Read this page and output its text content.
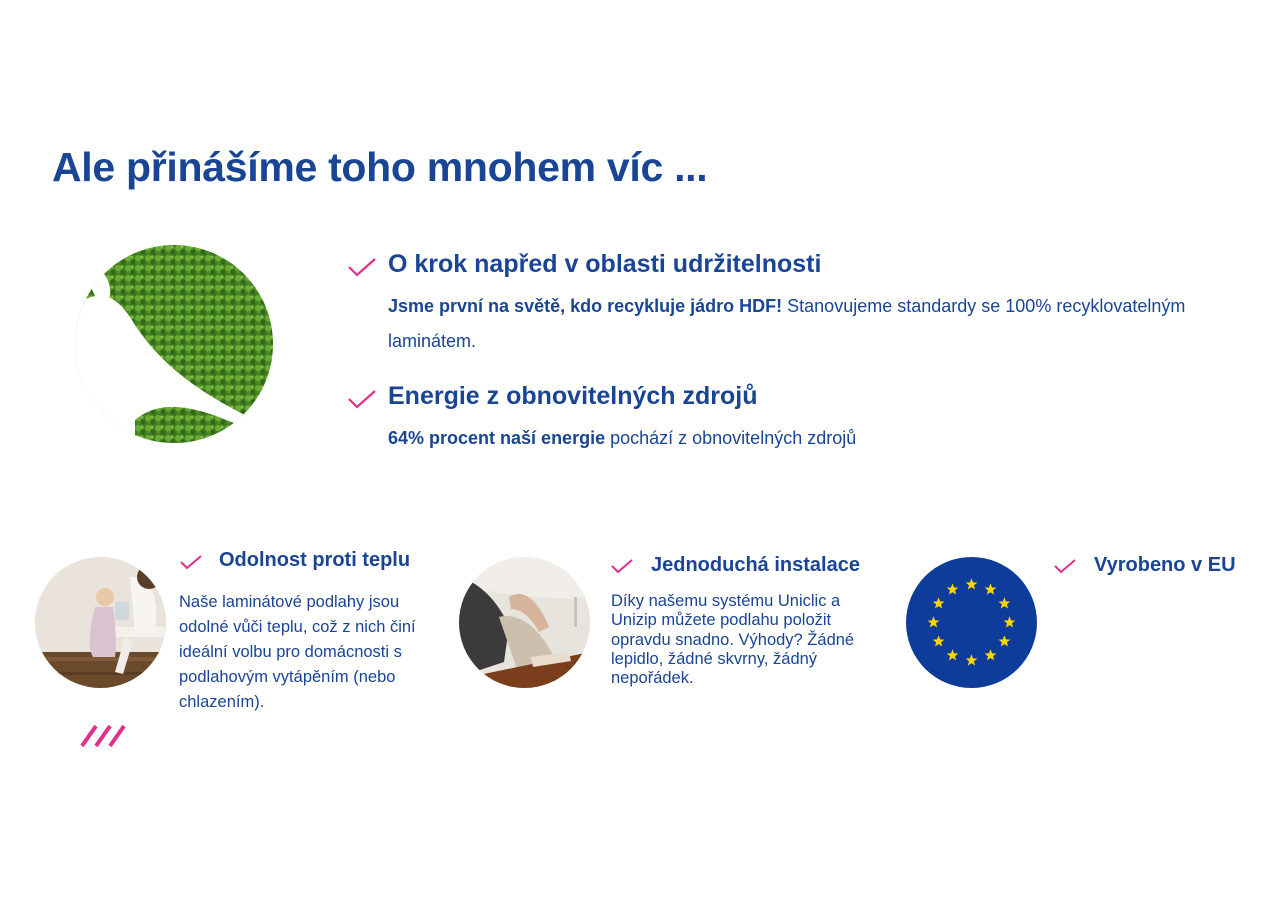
Ale přinášíme toho mnohem víc ...
O krok napřed v oblasti udržitelnosti
Jsme první na světě, kdo recykluje jádro HDF! Stanovujeme standardy se 100% recyklovatelným laminátem.
Energie z obnovitelných zdrojů
64% procent naší energie pochází z obnovitelných zdrojů
Odolnost proti teplu
Naše laminátové podlahy jsou odolné vůči teplu, což z nich činí ideální volbu pro domácnosti s podlahovým vytápěním (nebo chlazením).
Jednoduchá instalace
Díky našemu systému Uniclic a Unizip můžete podlahu položit opravdu snadno. Výhody? Žádné lepidlo, žádné skvrny, žádný nepořádek.
Vyrobeno v EU
